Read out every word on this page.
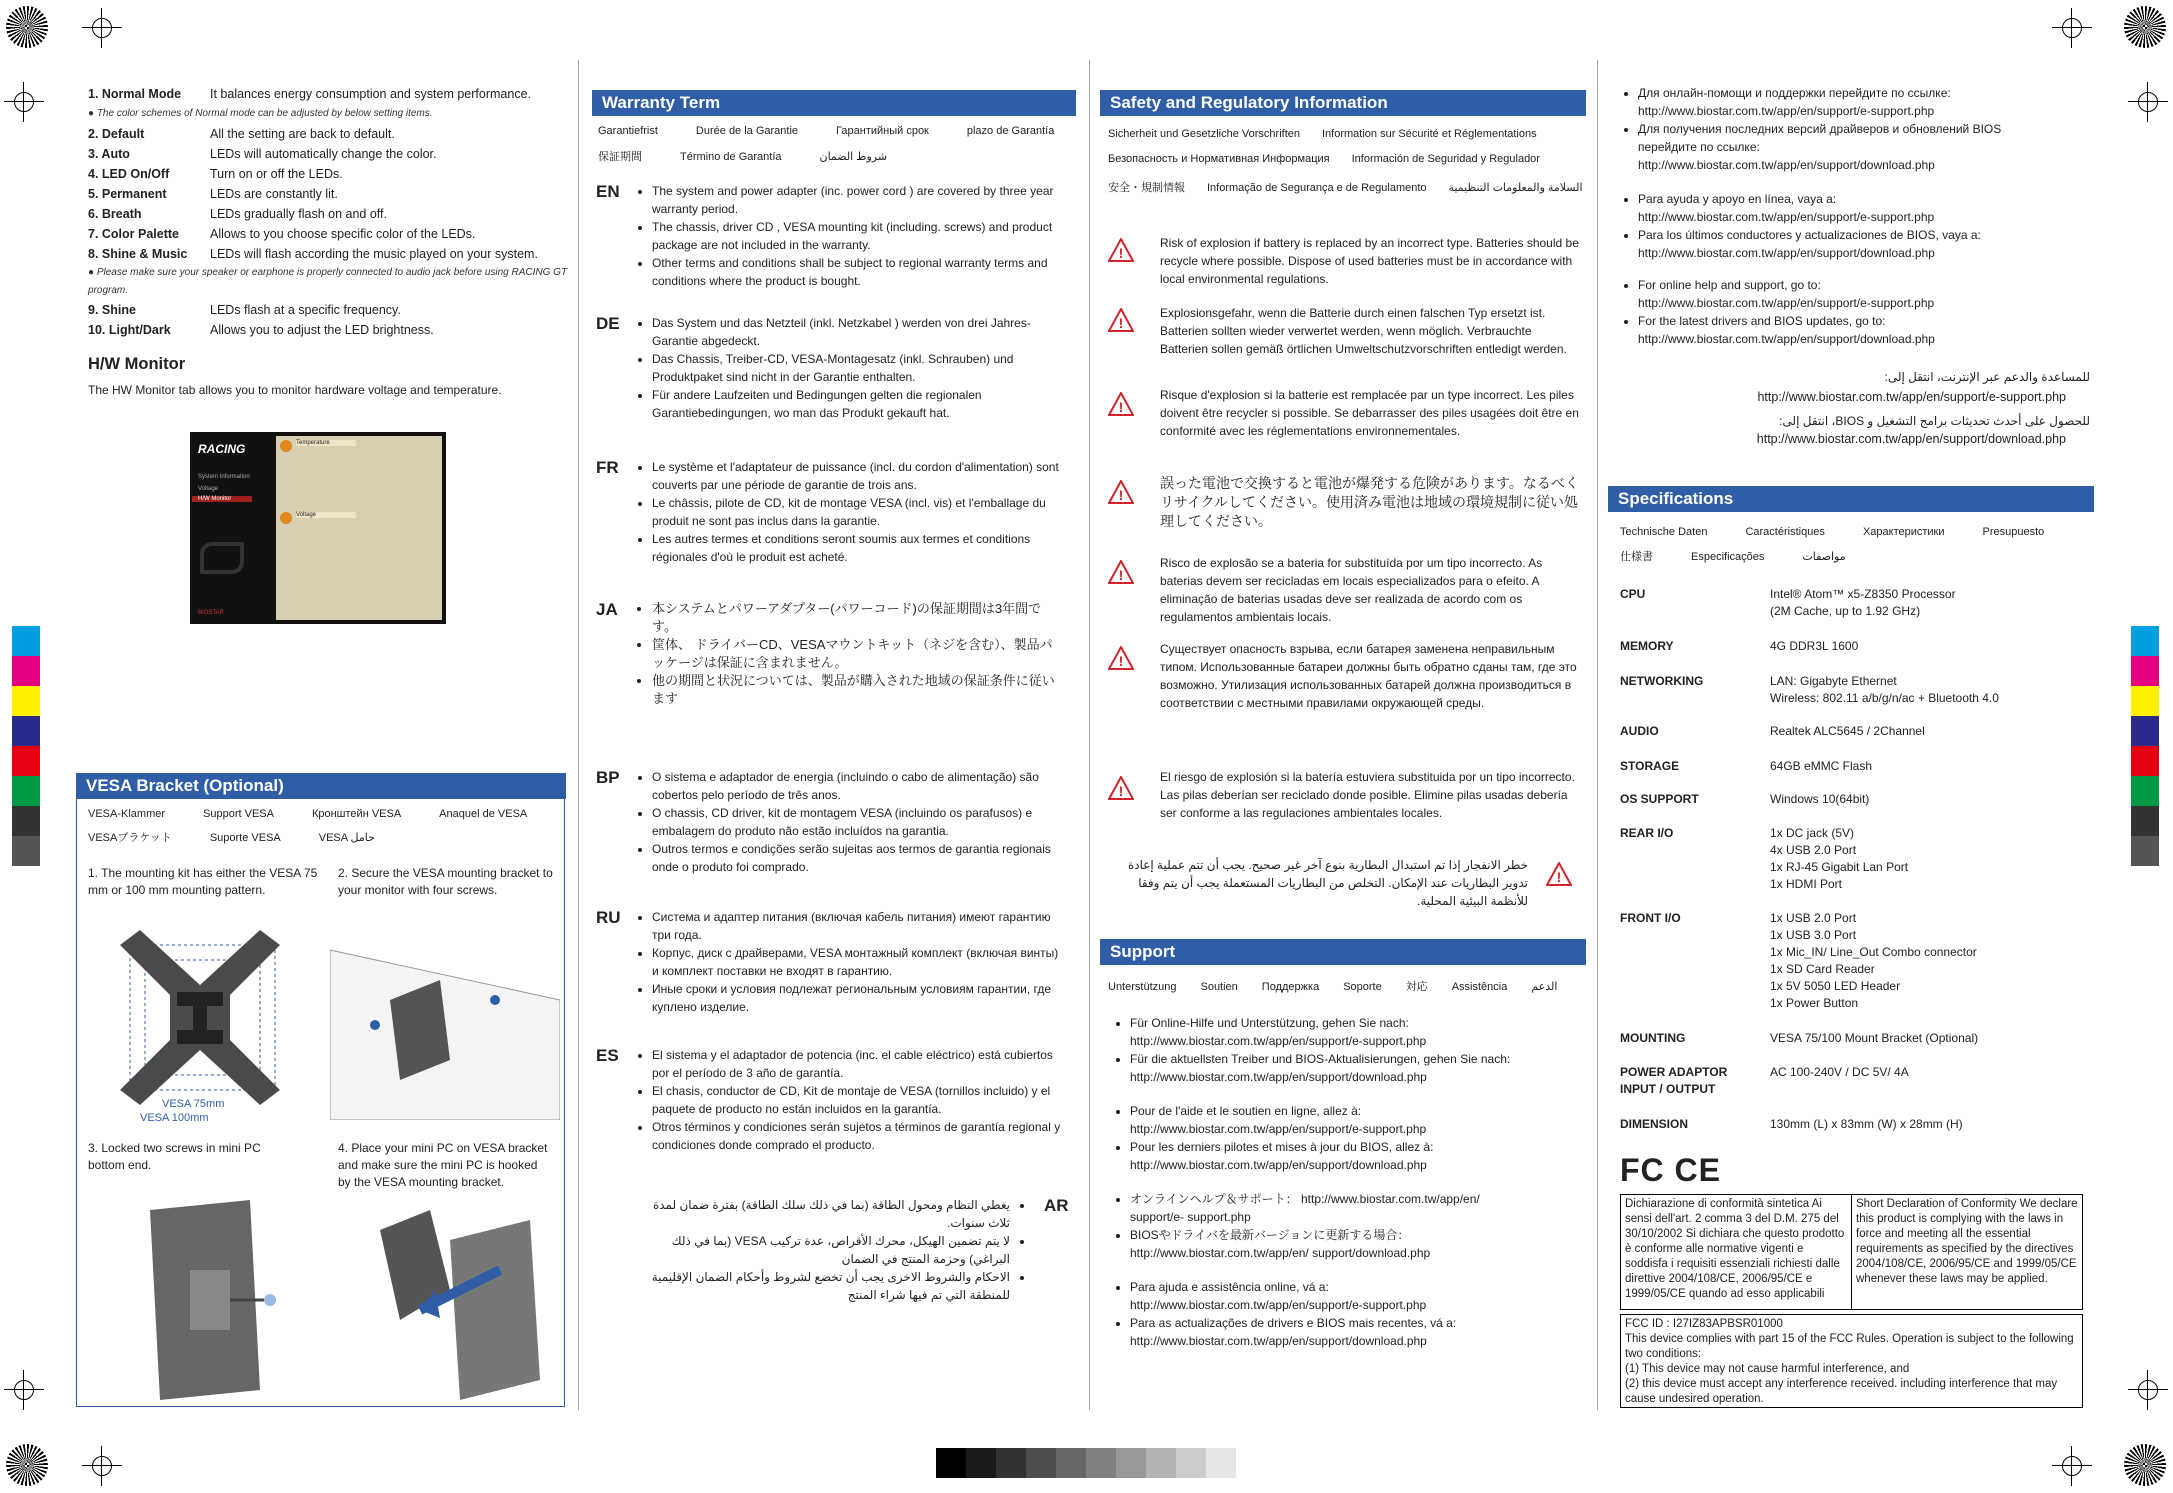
1. Normal Mode	It balances energy consumption and system performance.
● The color schemes of Normal mode can be adjusted by below setting items.
2. Default	All the setting are back to default.
3. Auto	LEDs will automatically change the color.
4. LED On/Off	Turn on or off the LEDs.
5. Permanent	LEDs are constantly lit.
6. Breath	LEDs gradually flash on and off.
7. Color Palette	Allows to you choose specific color of the LEDs.
8. Shine & Music	LEDs will flash according the music played on your system.
● Please make sure your speaker or earphone is properly connected to audio jack before using RACING GT program.
9. Shine	LEDs flash at a specific frequency.
10. Light/Dark	Allows you to adjust the LED brightness.
H/W Monitor
The HW Monitor tab allows you to monitor hardware voltage and temperature.
RACING
System Information
Voltage
H/W Monitor
BIOSTAR
Temperature
Voltage
VESA Bracket (Optional)
VESA-Klammer	Support VESA	Кронштейн VESA	Anaquel de VESA
VESAブラケット	Suporte VESA	VESA حامل
1. The mounting kit has either the VESA 75 mm or 100 mm mounting pattern.
2. Secure the VESA mounting bracket to your monitor with four screws.
3. Locked two screws in mini PC bottom end.
4. Place your mini PC on VESA bracket and make sure the mini PC is hooked by the VESA mounting bracket.
VESA 75mm
VESA 100mm
Warranty Term
Garantiefrist	Durée de la Garantie	Гарантийный срок	plazo de Garantía
保証期間	Término de Garantía	شروط الضمان
EN	• The system and power adapter (inc. power cord ) are covered by three year warranty period.
• The chassis, driver CD , VESA mounting kit (including. screws) and product package are not included in the warranty.
• Other terms and conditions shall be subject to regional warranty terms and conditions where the product is bought.
DE	• Das System und das Netzteil (inkl. Netzkabel ) werden von drei Jahres-Garantie abgedeckt.
• Das Chassis, Treiber-CD, VESA-Montagesatz (inkl. Schrauben) und Produktpaket sind nicht in der Garantie enthalten.
• Für andere Laufzeiten und Bedingungen gelten die regionalen Garantiebedingungen, wo man das Produkt gekauft hat.
FR	• Le système et l'adaptateur de puissance (incl. du cordon d'alimentation) sont couverts par une période de garantie de trois ans.
• Le châssis, pilote de CD, kit de montage VESA (incl. vis) et l'emballage du produit ne sont pas inclus dans la garantie.
• Les autres termes et conditions seront soumis aux termes et conditions régionales d'où le produit est acheté.
JA	• 本システムとパワーアダプター(パワーコード)の保証期間は3年間です。
• 筐体、 ドライバーCD、VESAマウントキット（ネジを含む）、製品パッケージは保証に含まれません。
• 他の期間と状況については、製品が購入された地域の保証条件に従います
BP	• O sistema e adaptador de energia (incluindo o cabo de alimentação) são cobertos pelo período de três anos.
• O chassis, CD driver, kit de montagem VESA (incluindo os parafusos) e embalagem do produto não estão incluídos na garantia.
• Outros termos e condições serão sujeitas aos termos de garantia regionais onde o produto foi comprado.
RU	• Система и адаптер питания (включая кабель питания) имеют гарантию три года.
• Корпус, диск с драйверами, VESA монтажный комплект (включая винты) и комплект поставки не входят в гарантию.
• Иные сроки и условия подлежат региональным условиям гарантии, где куплено изделие.
ES	• El sistema y el adaptador de potencia (inc. el cable eléctrico) está cubiertos por el período de 3 año de garantía.
• El chasis, conductor de CD, Kit de montaje de VESA (tornillos incluido) y el paquete de producto no están incluidos en la garantía.
• Otros términos y condiciones serán sujetos a términos de garantía regional y condiciones donde comprado el producto.
AR
• يغطي النظام ومحول الطاقة (بما في ذلك سلك الطاقة) بفترة ضمان لمدة ثلاث سنوات.
• لا يتم تضمين الهيكل، محرك الأقراص، عدة تركيب VESA (بما في ذلك البراغي) وحزمة المنتج في الضمان
• الاحكام والشروط الاخرى يجب أن تخضع لشروط وأحكام الضمان الإقليمية للمنطقة التي تم فيها شراء المنتج
Safety and Regulatory Information
Sicherheit und Gesetzliche Vorschriften Information sur Sécurité et Réglementations
Безопасность и Нормативная Информация Información de Seguridad y Regulador
安全・規制情報 Informação de Segurança e de Regulamento السلامة والمعلومات التنظيمية
!
Risk of explosion if battery is replaced by an incorrect type. Batteries should be recycle where possible. Dispose of used batteries must be in accordance with local environmental regulations.
!
Explosionsgefahr, wenn die Batterie durch einen falschen Typ ersetzt ist. Batterien sollten wieder verwertet werden, wenn möglich. Verbrauchte Batterien sollen gemäß örtlichen Umweltschutzvorschriften entledigt werden.
!
Risque d'explosion si la batterie est remplacée par un type incorrect. Les piles doivent être recycler si possible. Se debarrasser des piles usagées doit être en conformité avec les réglementations environnementales.
!
誤った電池で交換すると電池が爆発する危険があります。なるべくリサイクルしてください。使用済み電池は地域の環境規制に従い処理してください。
!
Risco de explosão se a bateria for substituída por um tipo incorrecto. As baterias devem ser recicladas em locais especializados para o efeito. A eliminação de baterias usadas deve ser realizada de acordo com os regulamentos ambientais locais.
!
Существует опасность взрыва, если батарея заменена неправильным типом. Использованные батареи должны быть обратно сданы там, где это возможно. Утилизация использованных батарей должна производиться в соответствии с местными правилами окружающей среды.
!
El riesgo de explosión si la batería estuviera substituida por un tipo incorrecto. Las pilas deberían ser reciclado donde posible. Elimine pilas usadas debería ser conforme a las regulaciones ambientales locales.
!
خطر الانفجار إذا تم استبدال البطارية بنوع آخر غير صحيح. يجب أن تتم عملية إعادة تدوير البطاريات عند الإمكان. التخلص من البطاريات المستعملة يجب أن يتم وفقا للأنظمة البيئية المحلية.
Support
Unterstützung Soutien Поддержка Soporte 対応 Assistência الدعم
• Für Online-Hilfe und Unterstützung, gehen Sie nach:
http://www.biostar.com.tw/app/en/support/e-support.php
• Für die aktuellsten Treiber und BIOS-Aktualisierungen, gehen Sie nach:
http://www.biostar.com.tw/app/en/support/download.php
• Pour de l'aide et le soutien en ligne, allez à:
http://www.biostar.com.tw/app/en/support/e-support.php
• Pour les derniers pilotes et mises à jour du BIOS, allez à:
http://www.biostar.com.tw/app/en/support/download.php
• オンラインヘルプ＆サポート： http://www.biostar.com.tw/app/en/
support/e- support.php
• BIOSやドライバを最新バージョンに更新する場合：
http://www.biostar.com.tw/app/en/ support/download.php
• Para ajuda e assistência online, vá a:
http://www.biostar.com.tw/app/en/support/e-support.php
• Para as actualizações de drivers e BIOS mais recentes, vá a:
http://www.biostar.com.tw/app/en/support/download.php
• Для онлайн-помощи и поддержки перейдите по ссылке:
http://www.biostar.com.tw/app/en/support/e-support.php
• Для получения последних версий драйверов и обновлений BIOS перейдите по ссылке:
http://www.biostar.com.tw/app/en/support/download.php
• Para ayuda y apoyo en línea, vaya a:
http://www.biostar.com.tw/app/en/support/e-support.php
• Para los últimos conductores y actualizaciones de BIOS, vaya a:
http://www.biostar.com.tw/app/en/support/download.php
• For online help and support, go to:
http://www.biostar.com.tw/app/en/support/e-support.php
• For the latest drivers and BIOS updates, go to:
http://www.biostar.com.tw/app/en/support/download.php
للمساعدة والدعم عبر الإنترنت، انتقل إلى:
http://www.biostar.com.tw/app/en/support/e-support.php
للحصول على أحدث تحديثات برامج التشغيل و BIOS، انتقل إلى:
http://www.biostar.com.tw/app/en/support/download.php
Specifications
Technische Daten	Caractéristiques	Характеристики	Presupuesto
仕様書	Especificações	مواصفات
CPU	Intel® Atom™ x5-Z8350 Processor
(2M Cache, up to 1.92 GHz)
MEMORY	4G DDR3L 1600
NETWORKING	LAN: Gigabyte Ethernet
Wireless: 802.11 a/b/g/n/ac + Bluetooth 4.0
AUDIO	Realtek ALC5645 / 2Channel
STORAGE	64GB eMMC Flash
OS SUPPORT	Windows 10(64bit)
REAR I/O	1x DC jack (5V)
4x USB 2.0 Port
1x RJ-45 Gigabit Lan Port
1x HDMI Port
FRONT I/O	1x USB 2.0 Port
1x USB 3.0 Port
1x Mic_IN/ Line_Out Combo connector
1x SD Card Reader
1x 5V 5050 LED Header
1x Power Button
MOUNTING	VESA 75/100 Mount Bracket (Optional)
POWER ADAPTOR
INPUT / OUTPUT
AC 100-240V / DC 5V/ 4A
DIMENSION	130mm (L) x 83mm (W) x 28mm (H)
FC CE
Dichiarazione di conformità sintetica Ai sensi dell'art. 2 comma 3 del D.M. 275 del 30/10/2002 Si dichiara che questo prodotto è conforme alle normative vigenti e soddisfa i requisiti essenziali richiesti dalle direttive 2004/108/CE, 2006/95/CE e 1999/05/CE quando ad esso applicabili
Short Declaration of Conformity We declare this product is complying with the laws in force and meeting all the essential requirements as specified by the directives 2004/108/CE, 2006/95/CE and 1999/05/CE whenever these laws may be applied.
FCC ID : I27IZ83APBSR01000
This device complies with part 15 of the FCC Rules. Operation is subject to the following two conditions:
(1) This device may not cause harmful interference, and
(2) this device must accept any interference received. including interference that may cause undesired operation.
